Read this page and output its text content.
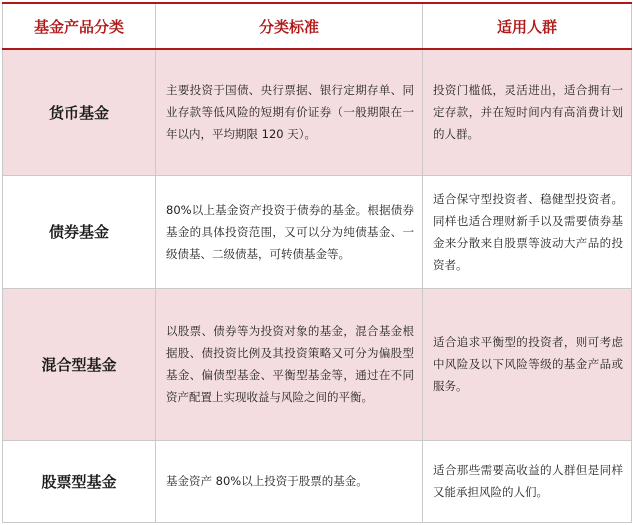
基金产品分类	分类标准	适用人群
货币基金	主要投资于国债、央行票据、银行定期存单、同业存款等低风险的短期有价证券（一般期限在一年以内，平均期限 120 天）。	投资门槛低，灵活进出，适合拥有一定存款，并在短时间内有高消费计划的人群。
债券基金	80%以上基金资产投资于债券的基金。根据债券基金的具体投资范围，又可以分为纯债基金、一级债基、二级债基，可转债基金等。	适合保守型投资者、稳健型投资者。同样也适合理财新手以及需要债券基金来分散来自股票等波动大产品的投资者。
混合型基金	以股票、债券等为投资对象的基金，混合基金根据股、债投资比例及其投资策略又可分为偏股型基金、偏债型基金、平衡型基金等，通过在不同资产配置上实现收益与风险之间的平衡。	适合追求平衡型的投资者，则可考虑中风险及以下风险等级的基金产品或服务。
股票型基金	基金资产 80%以上投资于股票的基金。	适合那些需要高收益的人群但是同样又能承担风险的人们。
